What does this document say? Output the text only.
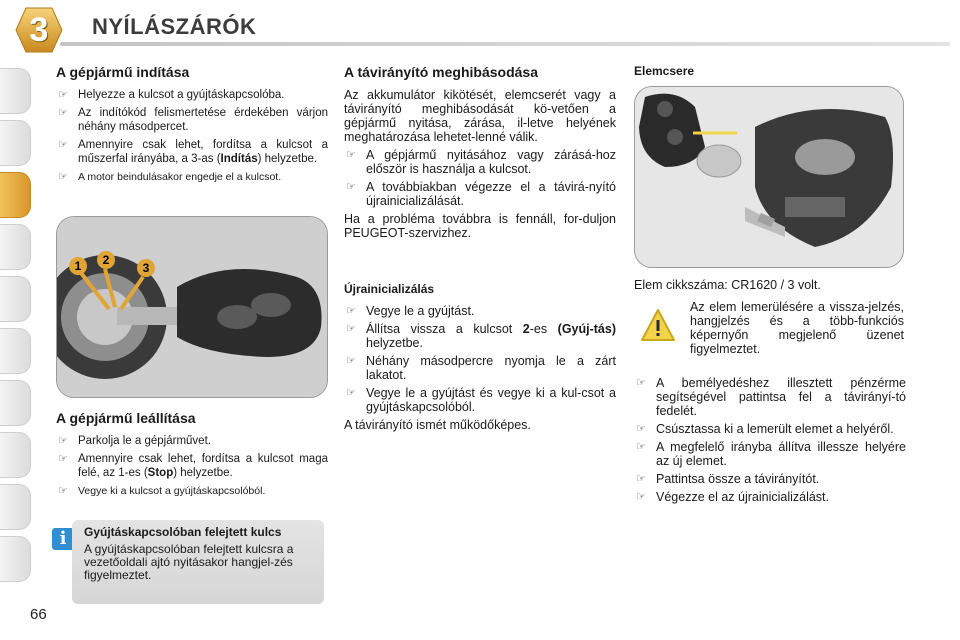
3	NYÍLÁSZÁRÓK
A gépjármű indítása
☞ Helyezze a kulcsot a gyújtáskapcsolóba.
☞ Az indítókód felismertetése érdekében várjon néhány másodpercet.
☞ Amennyire csak lehet, fordítsa a kulcsot a műszerfal irányába, a 3-as (Indítás) helyzetbe.
☞ A motor beindulásakor engedje el a kulcsot.
1	2
3
A gépjármű leállítása
☞ Parkolja le a gépjárművet.
☞ Amennyire csak lehet, fordítsa a kulcsot maga felé, az 1-es (Stop) helyzetbe.
☞ Vegye ki a kulcsot a gyújtáskapcsolóból.
i	Gyújtáskapcsolóban felejtett kulcs
A gyújtáskapcsolóban felejtett kulcsra a vezetőoldali ajtó nyitásakor hangjel-zés figyelmeztet.
66
A távirányító meghibásodása

Az akkumulátor kikötését, elemcserét vagy a távirányító meghibásodását kö-vetően a gépjármű nyitása, zárása, il-letve helyének meghatározása lehetet-lenné válik.

☞ A gépjármű nyitásához vagy zárásá-hoz először is használja a kulcsot.
☞ A továbbiakban végezze el a távirá-nyító újrainicializálását.

Ha a probléma továbbra is fennáll, for-duljon PEUGEOT-szervizhez.

Újrainicializálás
☞ Vegye le a gyújtást.
☞ Állítsa vissza a kulcsot 2-es (Gyúj-tás) helyzetbe.
☞ Néhány másodpercre nyomja le a zárt lakatot.
☞ Vegye le a gyújtást és vegye ki a kul-csot a gyújtáskapcsolóból.

A távirányító ismét működőképes.

Elemcsere
Elem cikkszáma: CR1620 / 3 volt.
Az elem lemerülésére a vissza-jelzés, hangjelzés és a több-funkciós képernyőn megjelenő üzenet figyelmeztet.
☞ A bemélyedéshez illesztett pénzérme segítségével pattintsa fel a távirányí-tó fedelét.
☞ Csúsztassa ki a lemerült elemet a helyéről.
☞ A megfelelő irányba állítva illessze helyére az új elemet.
☞ Pattintsa össze a távirányítót.
☞ Végezze el az újrainicializálást.
